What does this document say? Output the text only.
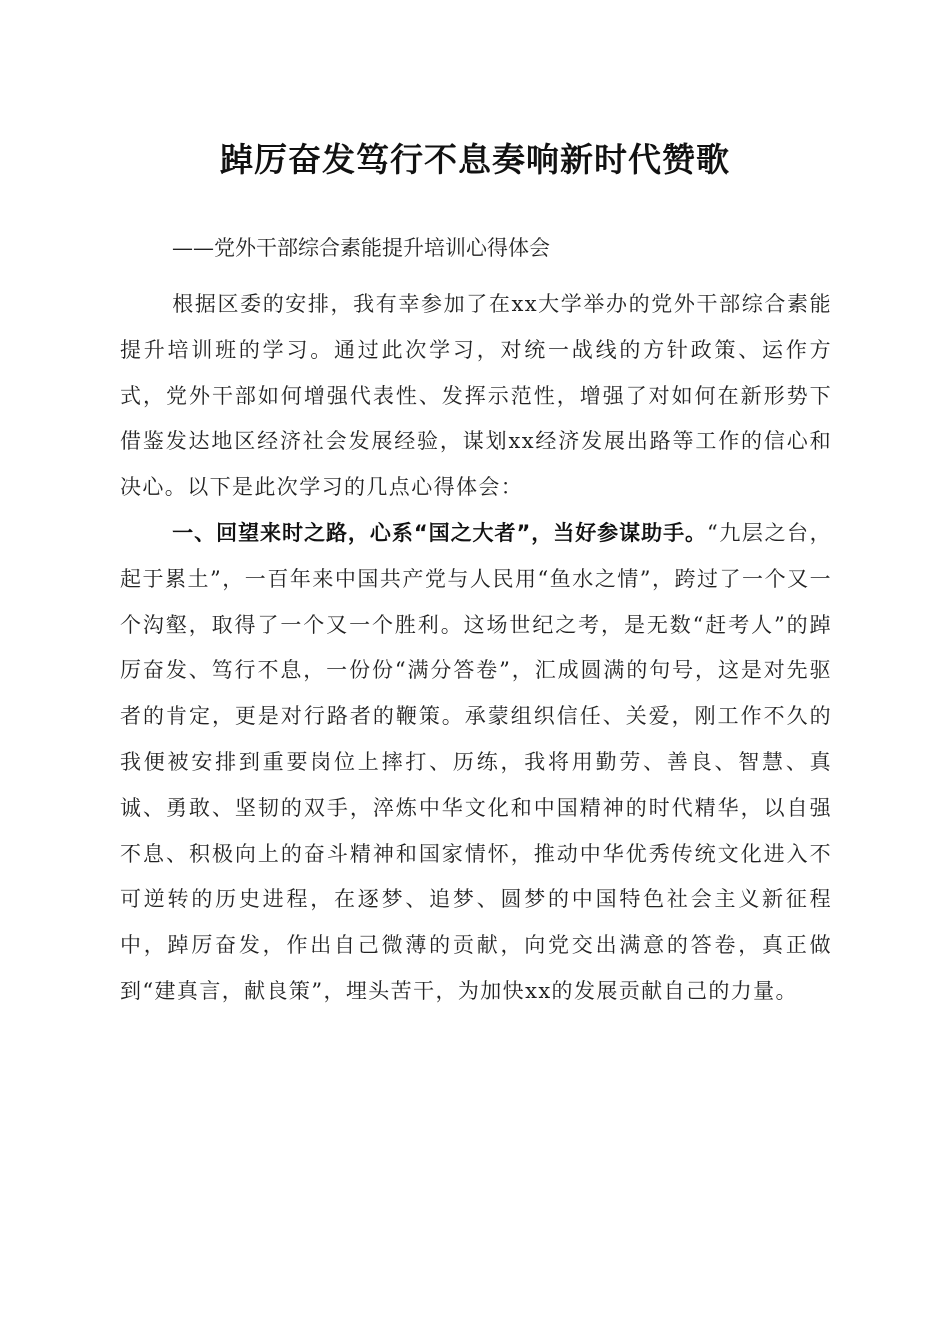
踔厉奋发笃行不息奏响新时代赞歌

——党外干部综合素能提升培训心得体会

根据区委的安排，我有幸参加了在xx大学举办的党外干部综合素能提升培训班的学习。通过此次学习，对统一战线的方针政策、运作方式，党外干部如何增强代表性、发挥示范性，增强了对如何在新形势下借鉴发达地区经济社会发展经验，谋划xx经济发展出路等工作的信心和决心。以下是此次学习的几点心得体会：

一、回望来时之路，心系“国之大者”，当好参谋助手。“九层之台，起于累土”，一百年来中国共产党与人民用“鱼水之情”，跨过了一个又一个沟壑，取得了一个又一个胜利。这场世纪之考，是无数“赶考人”的踔厉奋发、笃行不息，一份份“满分答卷”，汇成圆满的句号，这是对先驱者的肯定，更是对行路者的鞭策。承蒙组织信任、关爱，刚工作不久的我便被安排到重要岗位上摔打、历练，我将用勤劳、善良、智慧、真诚、勇敢、坚韧的双手，淬炼中华文化和中国精神的时代精华，以自强不息、积极向上的奋斗精神和国家情怀，推动中华优秀传统文化进入不可逆转的历史进程，在逐梦、追梦、圆梦的中国特色社会主义新征程中，踔厉奋发，作出自己微薄的贡献，向党交出满意的答卷，真正做到“建真言，献良策”，埋头苦干，为加快xx的发展贡献自己的力量。
